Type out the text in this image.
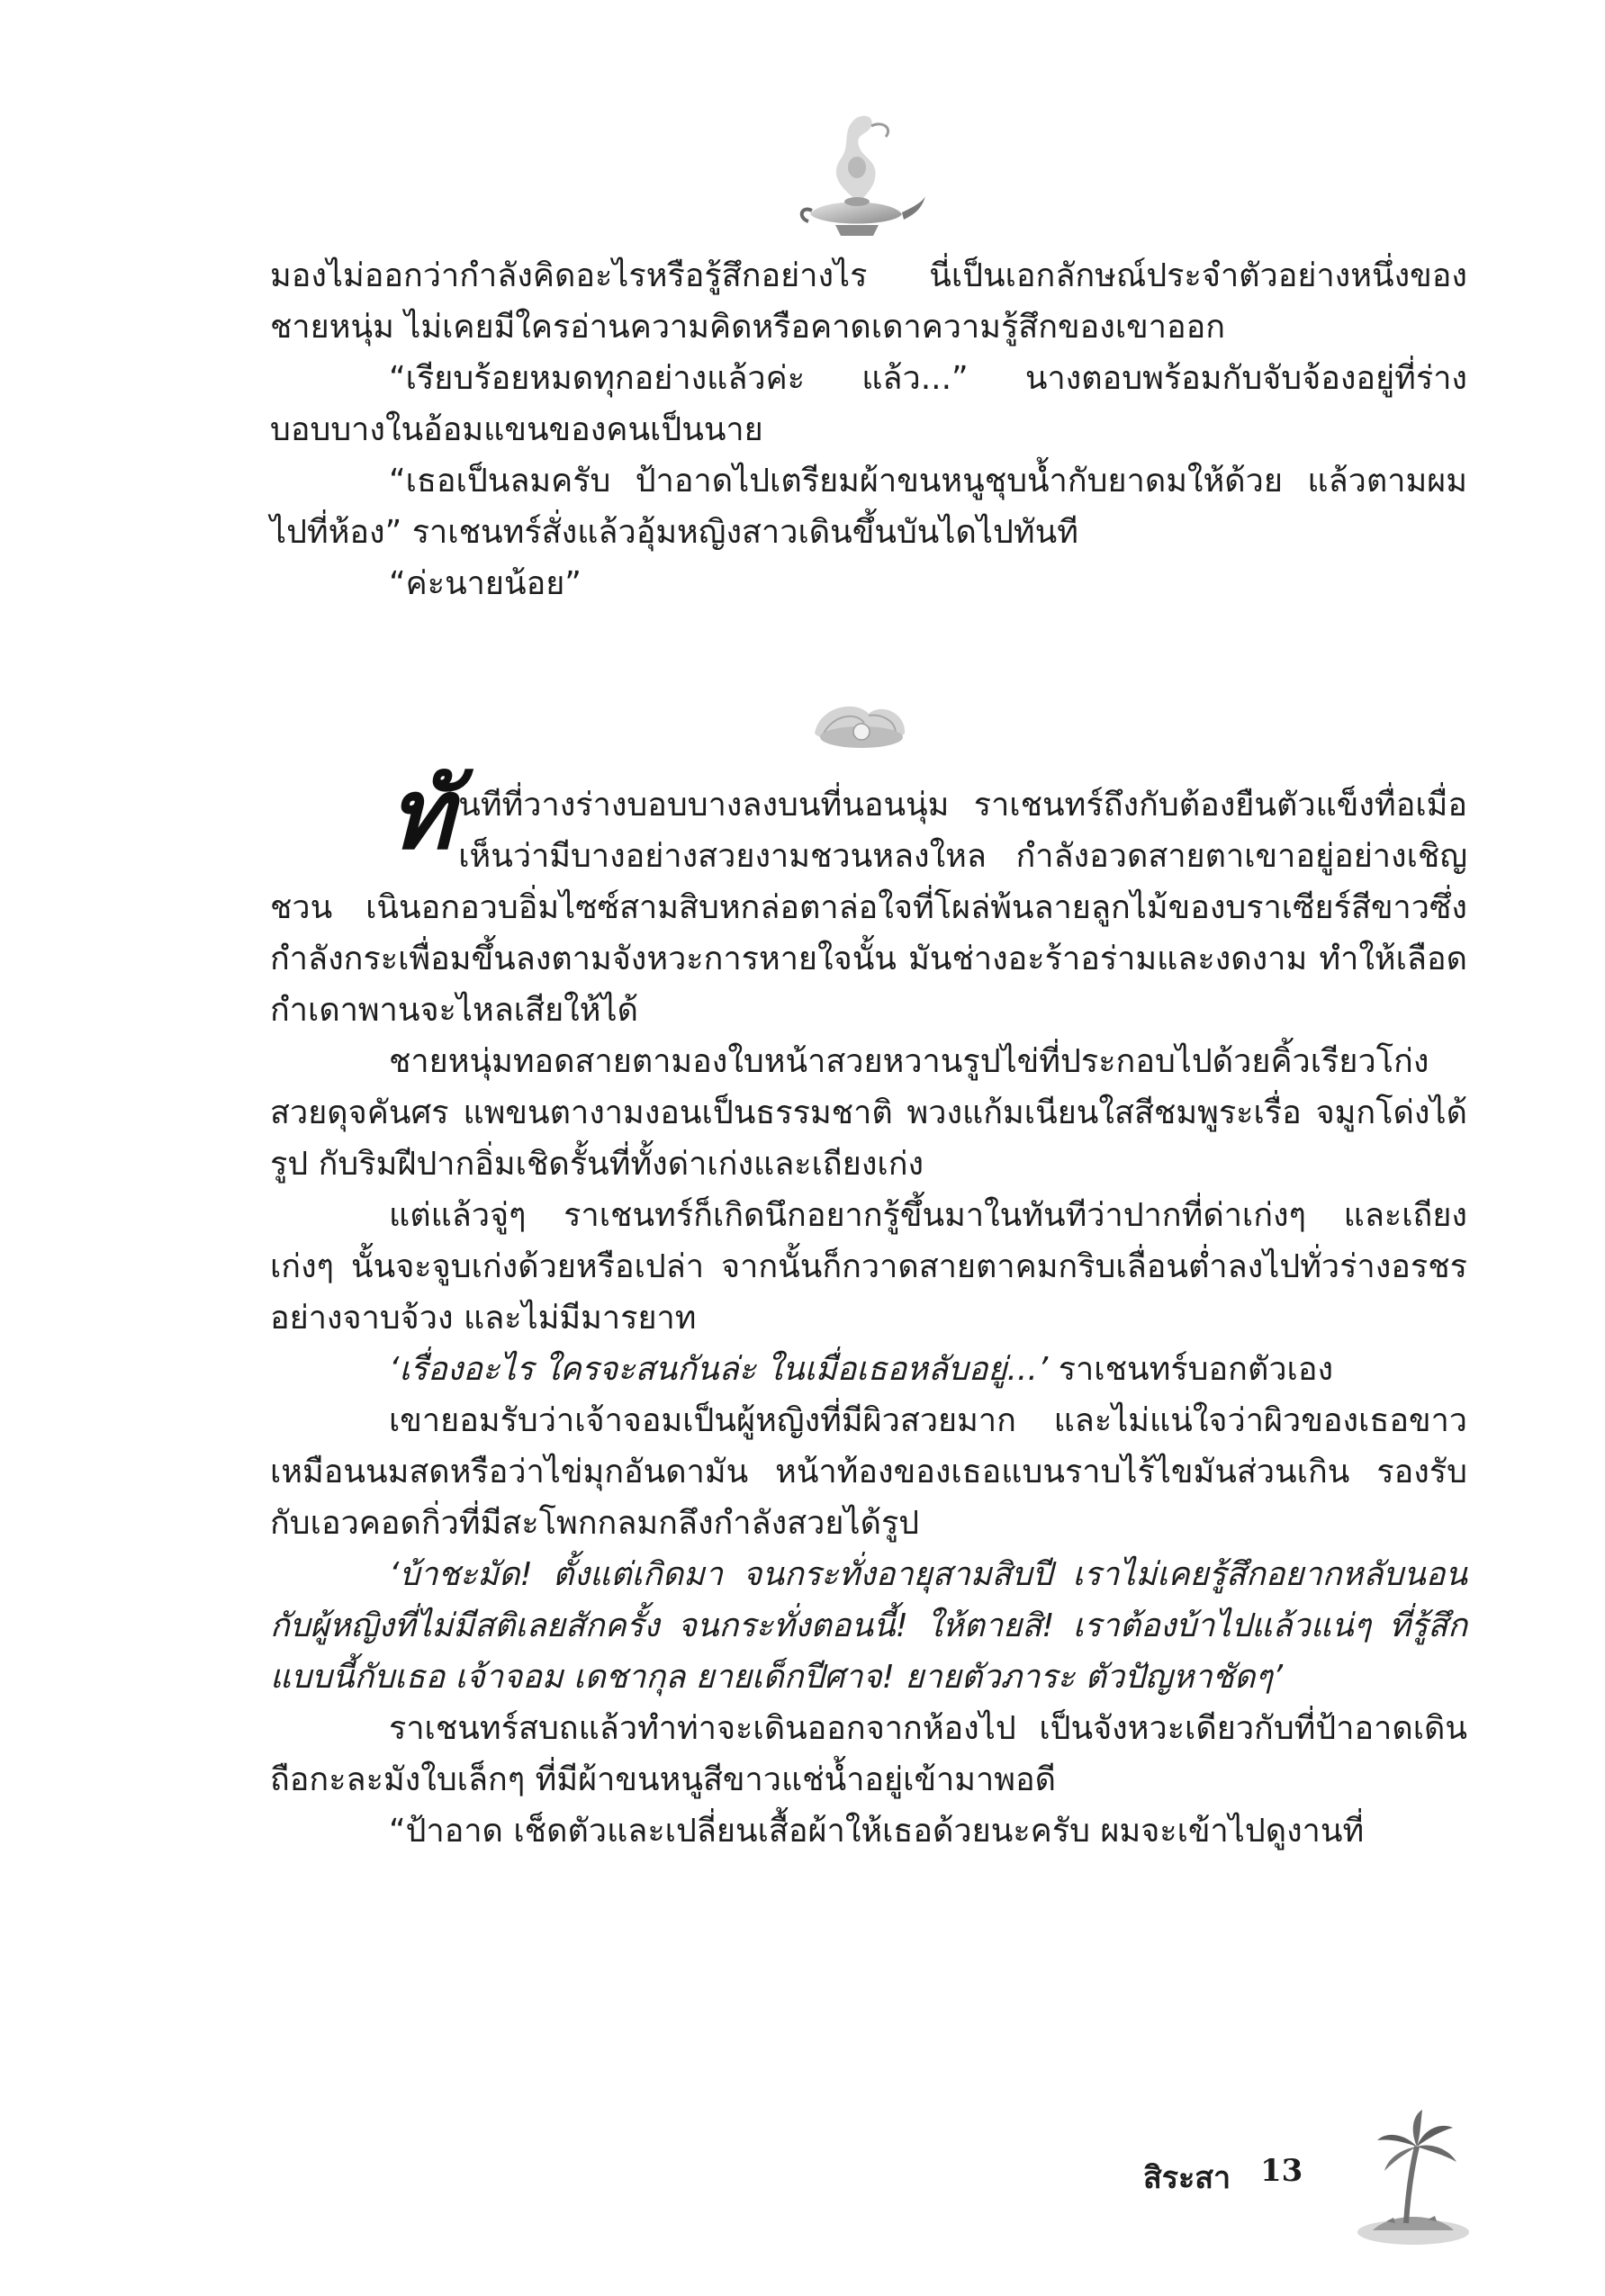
มองไม่ออกว่ากำลังคิดอะไรหรือรู้สึกอย่างไร นี่เป็นเอกลักษณ์ประจำตัวอย่างหนึ่งของชายหนุ่ม ไม่เคยมีใครอ่านความคิดหรือคาดเดาความรู้สึกของเขาออก

“เรียบร้อยหมดทุกอย่างแล้วค่ะ แล้ว...” นางตอบพร้อมกับจับจ้องอยู่ที่ร่างบอบบางในอ้อมแขนของคนเป็นนาย

“เธอเป็นลมครับ ป้าอาดไปเตรียมผ้าขนหนูชุบน้ำกับยาดมให้ด้วย แล้วตามผมไปที่ห้อง” ราเชนทร์สั่งแล้วอุ้มหญิงสาวเดินขึ้นบันไดไปทันที

“ค่ะนายน้อย”

ทันทีที่วางร่างบอบบางลงบนที่นอนนุ่ม ราเชนทร์ถึงกับต้องยืนตัวแข็งทื่อเมื่อเห็นว่ามีบางอย่างสวยงามชวนหลงใหล กำลังอวดสายตาเขาอยู่อย่างเชิญชวน เนินอกอวบอิ่มไซซ์สามสิบหกล่อตาล่อใจที่โผล่พ้นลายลูกไม้ของบราเซียร์สีขาวซึ่งกำลังกระเพื่อมขึ้นลงตามจังหวะการหายใจนั้น มันช่างอะร้าอร่ามและงดงาม ทำให้เลือดกำเดาพานจะไหลเสียให้ได้

ชายหนุ่มทอดสายตามองใบหน้าสวยหวานรูปไข่ที่ประกอบไปด้วยคิ้วเรียวโก่งสวยดุจคันศร แพขนตางามงอนเป็นธรรมชาติ พวงแก้มเนียนใสสีชมพูระเรื่อ จมูกโด่งได้รูป กับริมฝีปากอิ่มเชิดรั้นที่ทั้งด่าเก่งและเถียงเก่ง

แต่แล้วจู่ๆ ราเชนทร์ก็เกิดนึกอยากรู้ขึ้นมาในทันทีว่าปากที่ด่าเก่งๆ และเถียงเก่งๆ นั้นจะจูบเก่งด้วยหรือเปล่า จากนั้นก็กวาดสายตาคมกริบเลื่อนต่ำลงไปทั่วร่างอรชรอย่างจาบจ้วง และไม่มีมารยาท

‘เรื่องอะไร ใครจะสนกันล่ะ ในเมื่อเธอหลับอยู่...’ ราเชนทร์บอกตัวเอง

เขายอมรับว่าเจ้าจอมเป็นผู้หญิงที่มีผิวสวยมาก และไม่แน่ใจว่าผิวของเธอขาวเหมือนนมสดหรือว่าไข่มุกอันดามัน หน้าท้องของเธอแบนราบไร้ไขมันส่วนเกิน รองรับกับเอวคอดกิ่วที่มีสะโพกกลมกลึงกำลังสวยได้รูป

‘บ้าชะมัด! ตั้งแต่เกิดมา จนกระทั่งอายุสามสิบปี เราไม่เคยรู้สึกอยากหลับนอนกับผู้หญิงที่ไม่มีสติเลยสักครั้ง จนกระทั่งตอนนี้! ให้ตายสิ! เราต้องบ้าไปแล้วแน่ๆ ที่รู้สึกแบบนี้กับเธอ เจ้าจอม เดชากุล ยายเด็กปีศาจ! ยายตัวภาระ ตัวปัญหาชัดๆ’

ราเชนทร์สบถแล้วทำท่าจะเดินออกจากห้องไป เป็นจังหวะเดียวกับที่ป้าอาดเดินถือกะละมังใบเล็กๆ ที่มีผ้าขนหนูสีขาวแช่น้ำอยู่เข้ามาพอดี

“ป้าอาด เช็ดตัวและเปลี่ยนเสื้อผ้าให้เธอด้วยนะครับ ผมจะเข้าไปดูงานที่

สิระสา 13
